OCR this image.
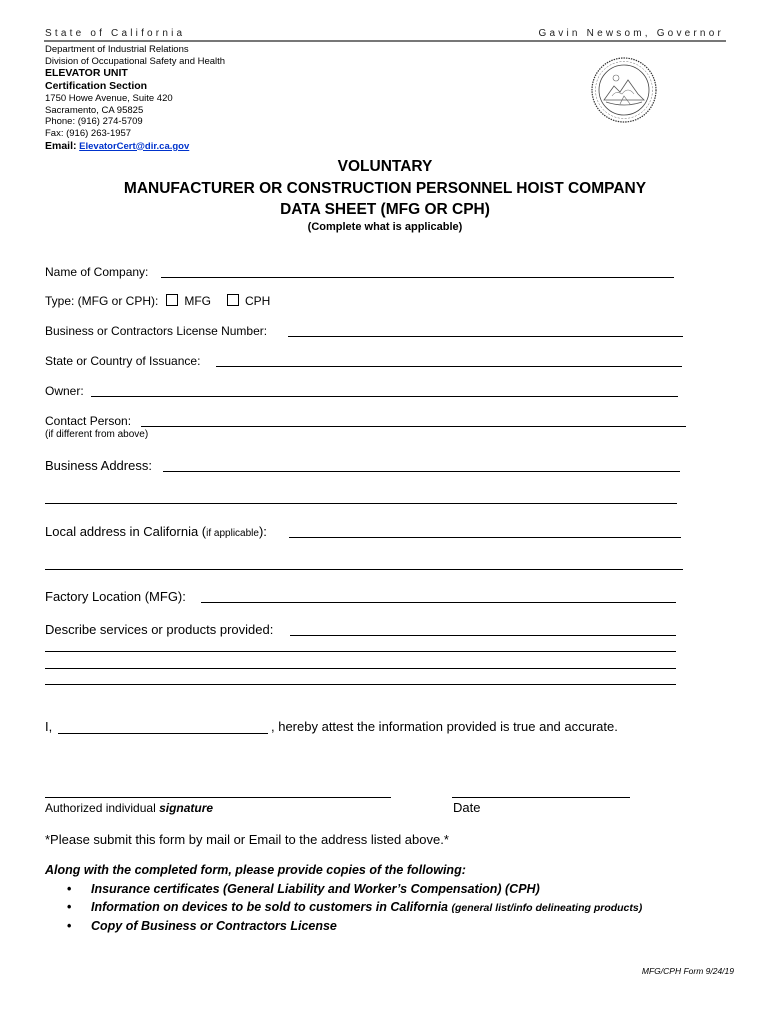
State of California	Gavin Newsom, Governor
Department of Industrial Relations
Division of Occupational Safety and Health
ELEVATOR UNIT
Certification Section
1750 Howe Avenue, Suite 420
Sacramento, CA 95825
Phone: (916) 274-5709
Fax: (916) 263-1957
Email: ElevatorCert@dir.ca.gov
VOLUNTARY
MANUFACTURER OR CONSTRUCTION PERSONNEL HOIST COMPANY
DATA SHEET (MFG OR CPH)
(Complete what is applicable)
Name of Company:
Type: (MFG or CPH): MFG	CPH
Business or Contractors License Number:
State or Country of Issuance:
Owner:
Contact Person:
(if different from above)
Business Address:
Local address in California (if applicable):
Factory Location (MFG):
Describe services or products provided:
I,	, hereby attest the information provided is true and accurate.
Authorized individual signature	Date
*Please submit this form by mail or Email to the address listed above.*
Along with the completed form, please provide copies of the following:
• Insurance certificates (General Liability and Worker’s Compensation) (CPH)
• Information on devices to be sold to customers in California (general list/info delineating products)
• Copy of Business or Contractors License
MFG/CPH Form 9/24/19
